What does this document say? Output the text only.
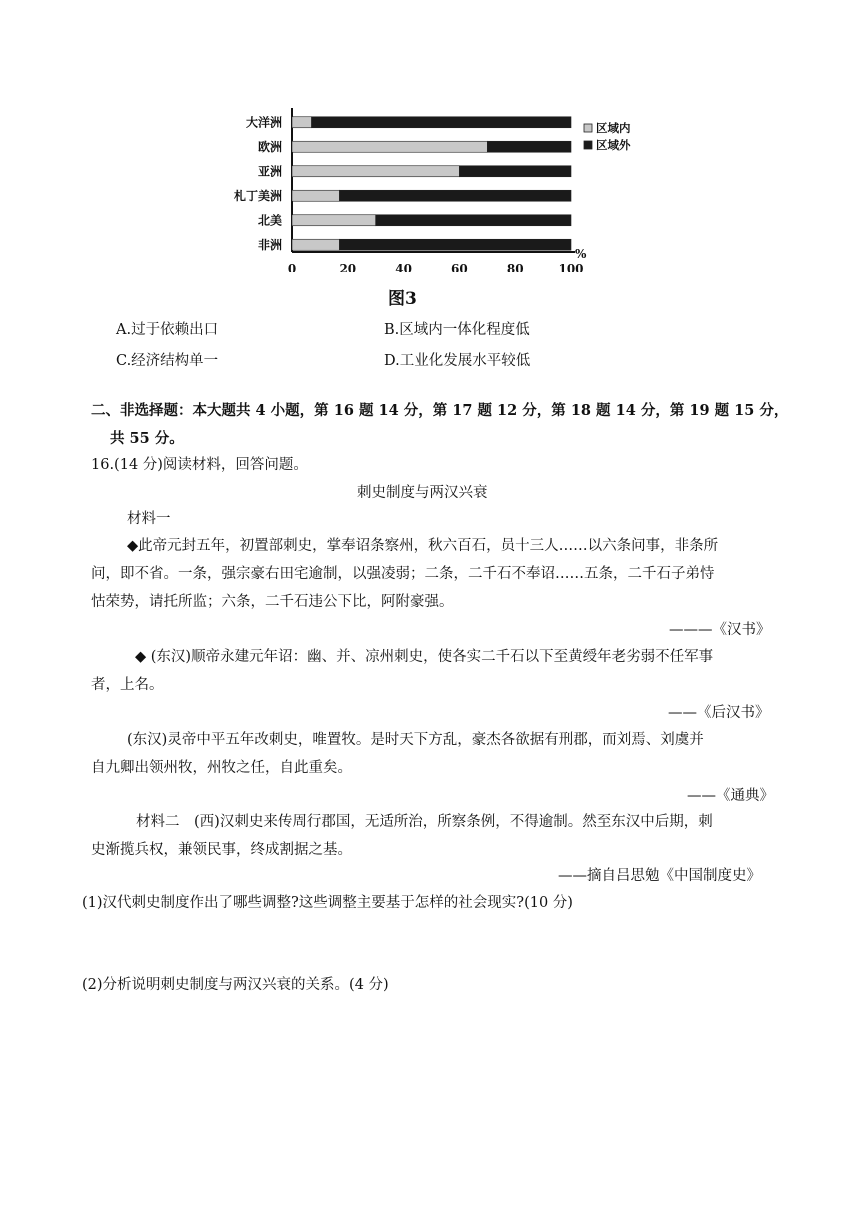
大洋洲
欧洲
亚洲
札丁美洲
北美
非洲
0	20	40	60	80	100
%
区域内
区域外
图3
A.过于依赖出口	B.区域内一体化程度低
C.经济结构单一	D.工业化发展水平较低
二、非选择题：本大题共 4 小题，第 16 题 14 分，第 17 题 12 分，第 18 题 14 分，第 19 题 15 分，
共 55 分。
16.(14 分)阅读材料，回答问题。
刺史制度与两汉兴衰
材料一
◆此帝元封五年，初置部刺史，掌奉诏条察州，秋六百石，员十三人……以六条问事，非条所
问，即不省。一条，强宗豪右田宅逾制，以强凌弱；二条，二千石不奉诏……五条，二千石子弟恃
怙荣势，请托所监；六条，二千石违公下比，阿附豪强。
———《汉书》
◆ (东汉)顺帝永建元年诏：幽、并、凉州刺史，使各实二千石以下至黄绶年老劣弱不任军事
者，上名。
——《后汉书》
(东汉)灵帝中平五年改刺史，唯置牧。是时天下方乱，豪杰各欲据有刑郡，而刘焉、刘虞并
自九卿出领州牧，州牧之任，自此重矣。
——《通典》
材料二　(西)汉刺史来传周行郡国，无适所治，所察条例，不得逾制。然至东汉中后期，刺
史渐揽兵权，兼领民事，终成割据之基。
——摘自吕思勉《中国制度史》
(1)汉代刺史制度作出了哪些调整?这些调整主要基于怎样的社会现实?(10 分)
(2)分析说明刺史制度与两汉兴衰的关系。(4 分)
